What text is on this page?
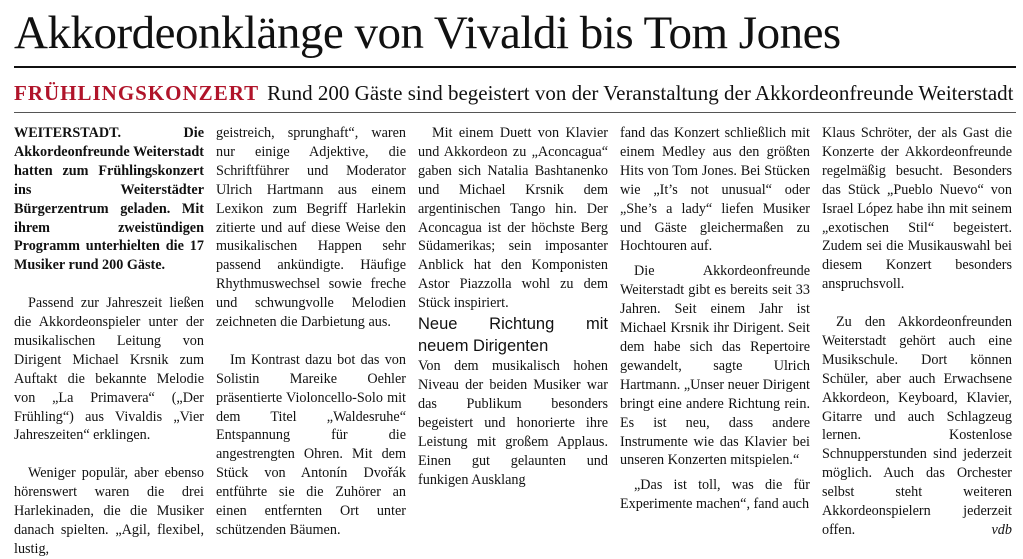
Akkordeonklänge von Vivaldi bis Tom Jones
FRÜHLINGSKONZERT Rund 200 Gäste sind begeistert von der Veranstaltung der Akkordeonfreunde Weiterstadt

WEITERSTADT. Die Akkordeonfreunde Weiterstadt hatten zum Frühlingskonzert ins Weiterstädter Bürgerzentrum geladen. Mit ihrem zweistündigen Programm unterhielten die 17 Musiker rund 200 Gäste.

Passend zur Jahreszeit ließen die Akkordeonspieler unter der musikalischen Leitung von Dirigent Michael Krsnik zum Auftakt die bekannte Melodie von „La Primavera“ („Der Frühling“) aus Vivaldis „Vier Jahreszeiten“ erklingen.

Weniger populär, aber ebenso hörenswert waren die drei Harlekinaden, die die Musiker danach spielten. „Agil, flexibel, lustig,

geistreich, sprunghaft“, waren nur einige Adjektive, die Schriftführer und Moderator Ulrich Hartmann aus einem Lexikon zum Begriff Harlekin zitierte und auf diese Weise den musikalischen Happen sehr passend ankündigte. Häufige Rhythmuswechsel sowie freche und schwungvolle Melodien zeichneten die Darbietung aus.

Im Kontrast dazu bot das von Solistin Mareike Oehler präsentierte Violoncello-Solo mit dem Titel „Waldesruhe“ Entspannung für die angestrengten Ohren. Mit dem Stück von Antonín Dvořák entführte sie die Zuhörer an einen entfernten Ort unter schützenden Bäumen.

Mit einem Duett von Klavier und Akkordeon zu „Aconcagua“ gaben sich Natalia Bashtanenko und Michael Krsnik dem argentinischen Tango hin. Der Aconcagua ist der höchste Berg Südamerikas; sein imposanter Anblick hat den Komponisten Astor Piazzolla wohl zu dem Stück inspiriert.

Neue Richtung mit neuem Dirigenten

Von dem musikalisch hohen Niveau der beiden Musiker war das Publikum besonders begeistert und honorierte ihre Leistung mit großem Applaus. Einen gut gelaunten und funkigen Ausklang

fand das Konzert schließlich mit einem Medley aus den größten Hits von Tom Jones. Bei Stücken wie „It’s not unusual“ oder „She’s a lady“ liefen Musiker und Gäste gleichermaßen zu Hochtouren auf.

Die Akkordeonfreunde Weiterstadt gibt es bereits seit 33 Jahren. Seit einem Jahr ist Michael Krsnik ihr Dirigent. Seit dem habe sich das Repertoire gewandelt, sagte Ulrich Hartmann. „Unser neuer Dirigent bringt eine andere Richtung rein. Es ist neu, dass andere Instrumente wie das Klavier bei unseren Konzerten mitspielen.“

„Das ist toll, was die für Experimente machen“, fand auch

Klaus Schröter, der als Gast die Konzerte der Akkordeonfreunde regelmäßig besucht. Besonders das Stück „Pueblo Nuevo“ von Israel López habe ihn mit seinem „exotischen Stil“ begeistert. Zudem sei die Musikauswahl bei diesem Konzert besonders anspruchsvoll.

Zu den Akkordeonfreunden Weiterstadt gehört auch eine Musikschule. Dort können Schüler, aber auch Erwachsene Akkordeon, Keyboard, Klavier, Gitarre und auch Schlagzeug lernen. Kostenlose Schnupperstunden sind jederzeit möglich. Auch das Orchester selbst steht weiteren Akkordeonspielern jederzeit offen.	vdb
